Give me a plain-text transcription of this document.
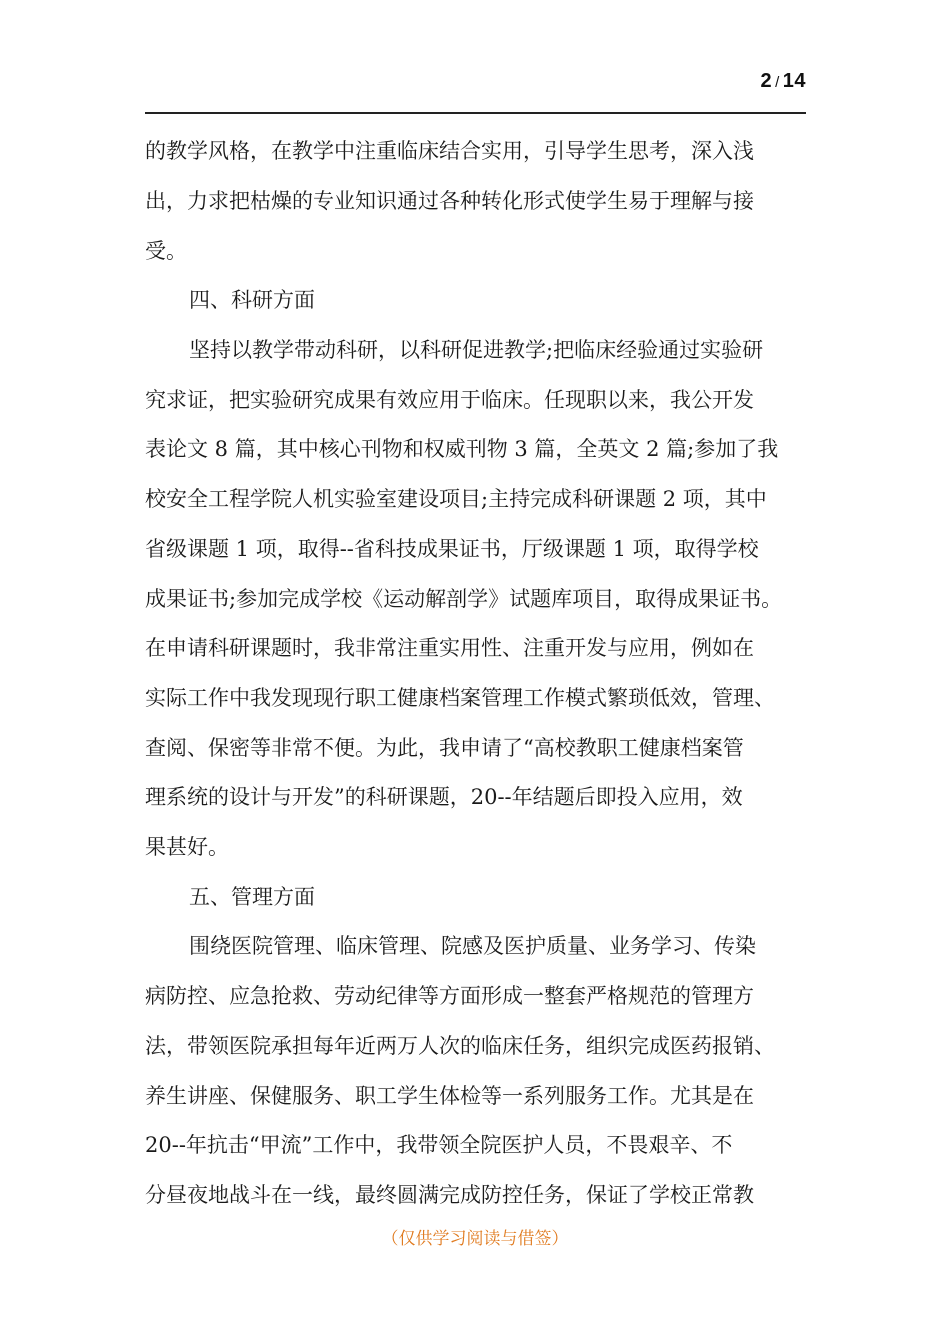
2 / 14
的教学风格，在教学中注重临床结合实用，引导学生思考，深入浅
出，力求把枯燥的专业知识通过各种转化形式使学生易于理解与接
受。
四、科研方面
坚持以教学带动科研，以科研促进教学;把临床经验通过实验研
究求证，把实验研究成果有效应用于临床。任现职以来，我公开发
表论文 8 篇，其中核心刊物和权威刊物 3 篇，全英文 2 篇;参加了我
校安全工程学院人机实验室建设项目;主持完成科研课题 2 项，其中
省级课题 1 项，取得--省科技成果证书，厅级课题 1 项，取得学校
成果证书;参加完成学校《运动解剖学》试题库项目，取得成果证书。
在申请科研课题时，我非常注重实用性、注重开发与应用，例如在
实际工作中我发现现行职工健康档案管理工作模式繁琐低效，管理、
查阅、保密等非常不便。为此，我申请了“高校教职工健康档案管
理系统的设计与开发”的科研课题，20--年结题后即投入应用，效
果甚好。
五、管理方面
围绕医院管理、临床管理、院感及医护质量、业务学习、传染
病防控、应急抢救、劳动纪律等方面形成一整套严格规范的管理方
法，带领医院承担每年近两万人次的临床任务，组织完成医药报销、
养生讲座、保健服务、职工学生体检等一系列服务工作。尤其是在
20--年抗击“甲流”工作中，我带领全院医护人员，不畏艰辛、不
分昼夜地战斗在一线，最终圆满完成防控任务，保证了学校正常教
（仅供学习阅读与借签）
